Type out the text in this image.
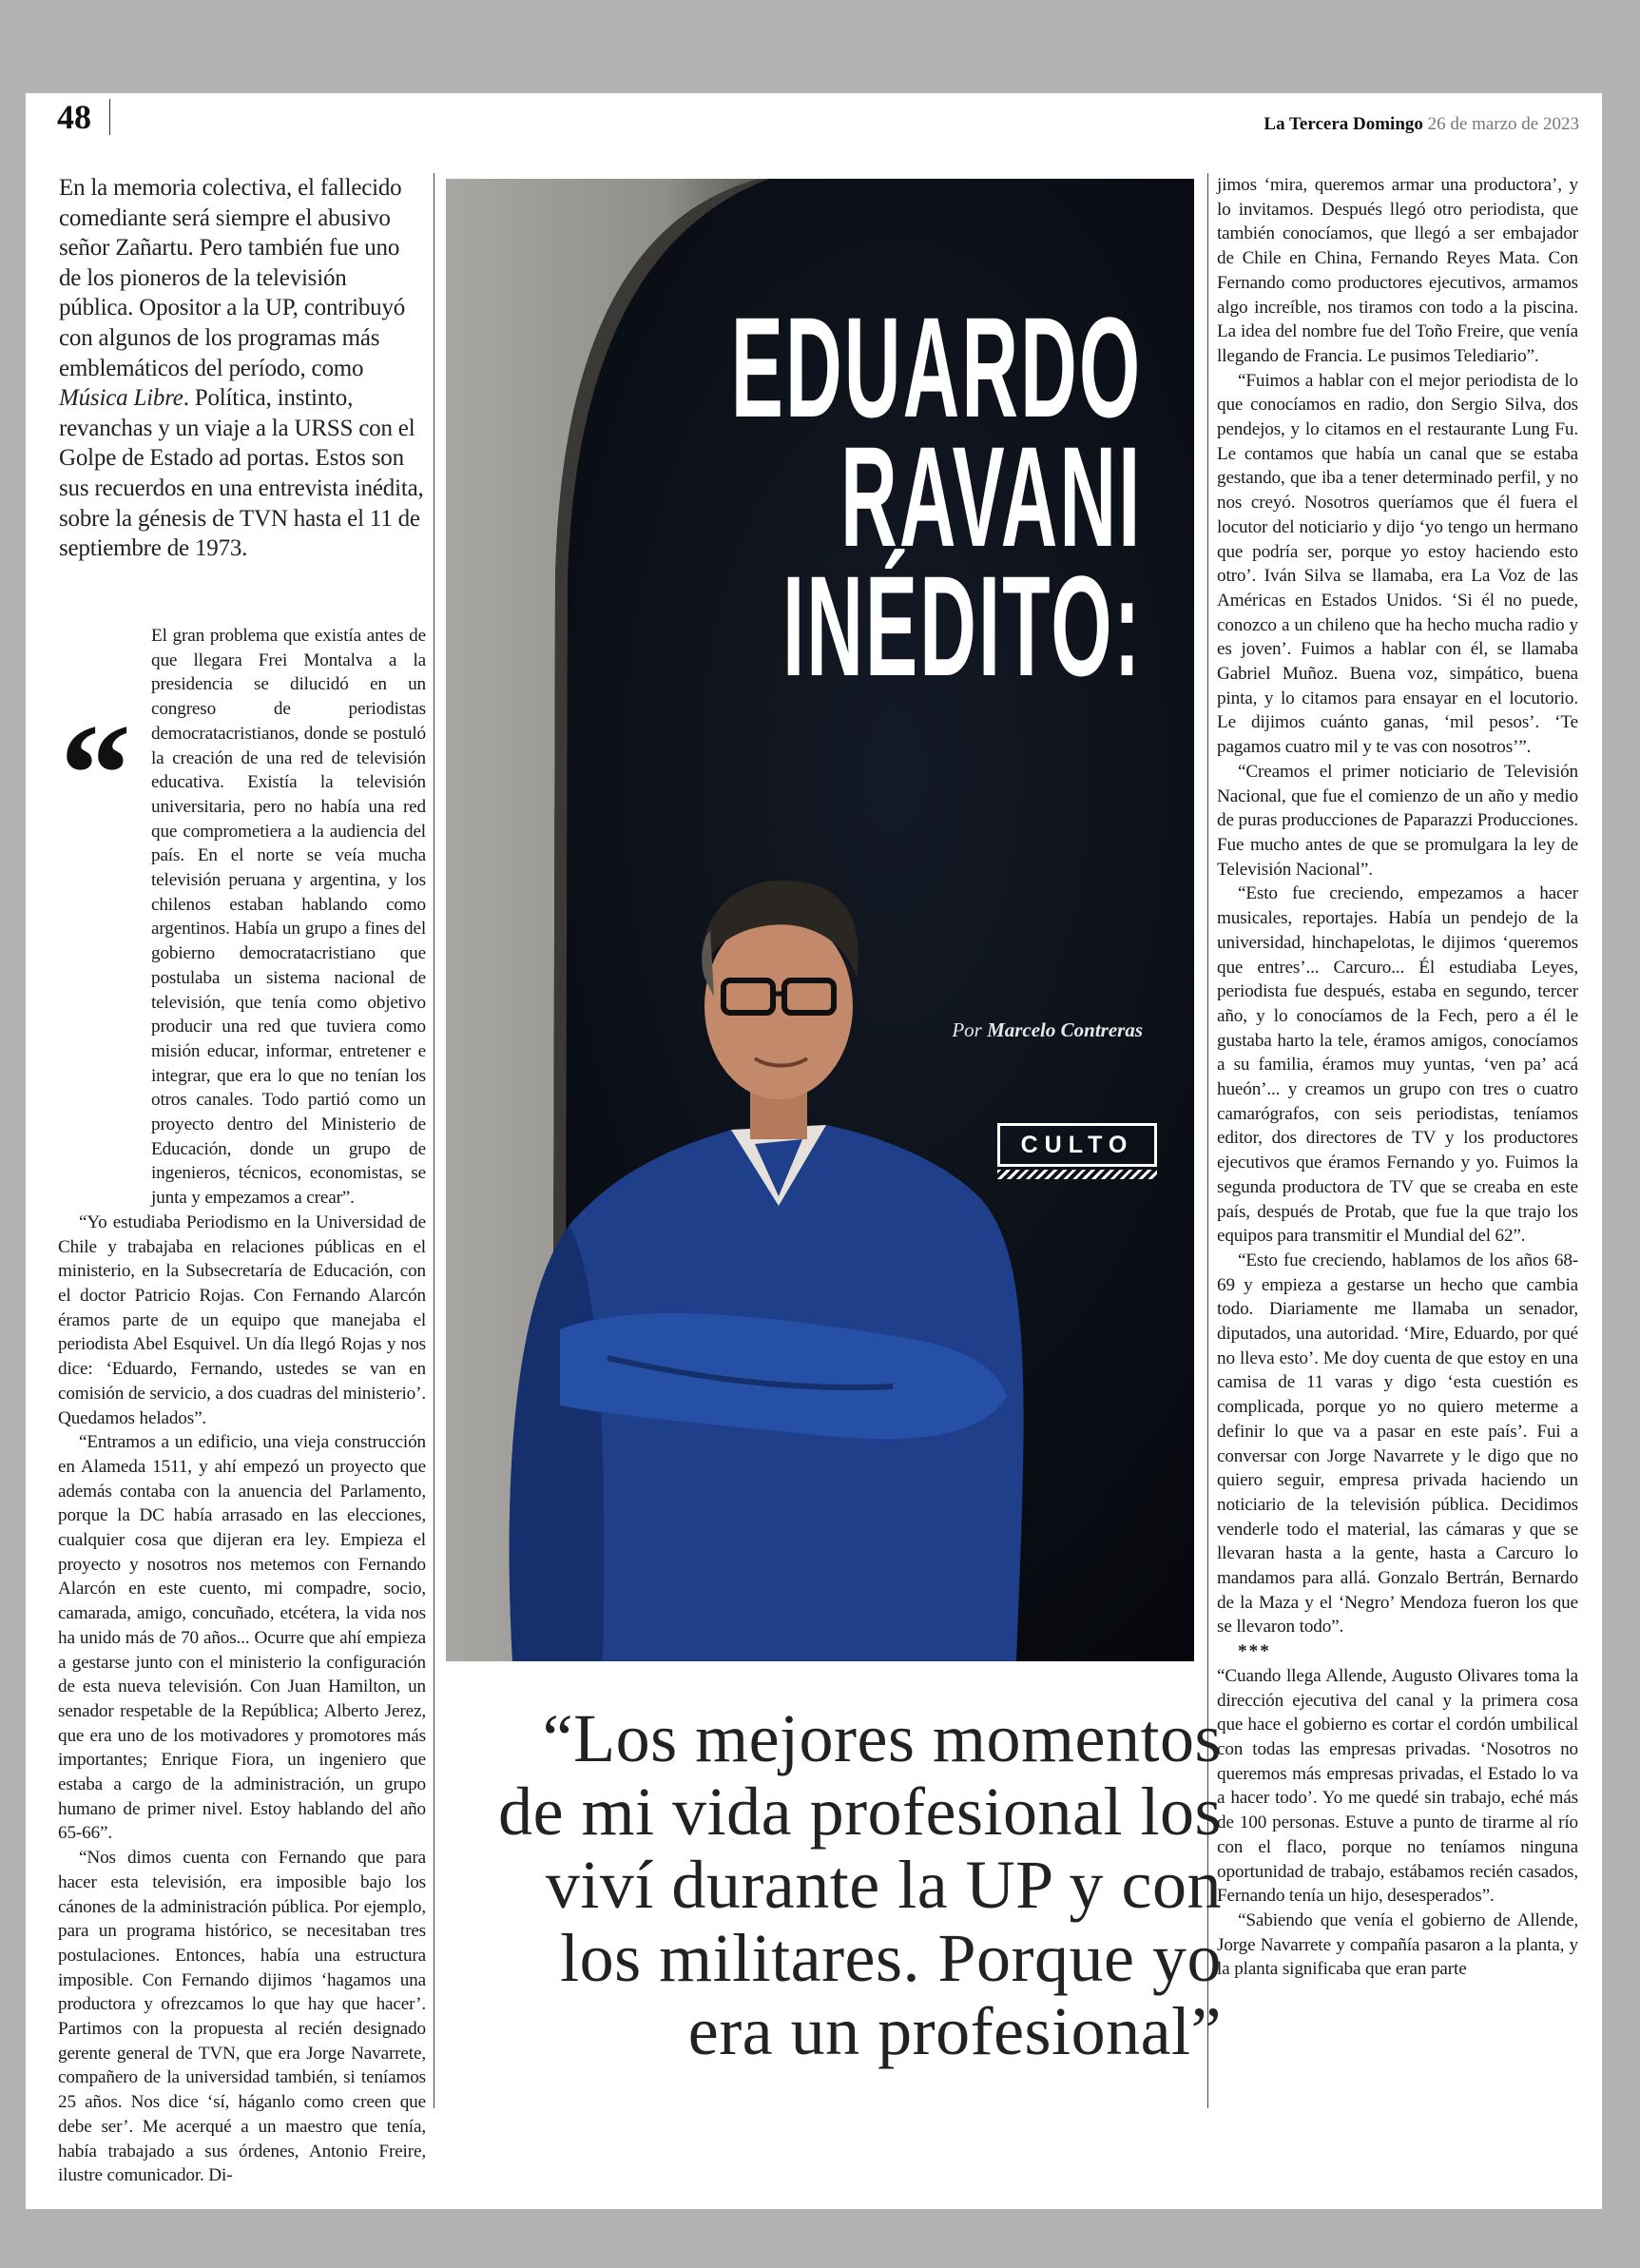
48	La Tercera Domingo 26 de marzo de 2023
En la memoria colectiva, el fallecido comediante será siempre el abusivo señor Zañartu. Pero también fue uno de los pioneros de la televisión pública. Opositor a la UP, contribuyó con algunos de los programas más emblemáticos del período, como Música Libre. Política, instinto, revanchas y un viaje a la URSS con el Golpe de Estado ad portas. Estos son sus recuerdos en una entrevista inédita, sobre la génesis de TVN hasta el 11 de septiembre de 1973.
“

El gran problema que existía antes de que llegara Frei Montalva a la presidencia se dilucidó en un congreso de periodistas democratacristianos, donde se postuló la creación de una red de televisión educativa. Existía la televisión universitaria, pero no había una red que comprometiera a la audiencia del país. En el norte se veía mucha televisión peruana y argentina, y los chilenos estaban hablando como argentinos. Había un grupo a fines del gobierno democratacristiano que postulaba un sistema nacional de televisión, que tenía como objetivo producir una red que tuviera como misión educar, informar, entretener e integrar, que era lo que no tenían los otros canales. Todo partió como un proyecto dentro del Ministerio de Educación, donde un grupo de ingenieros, técnicos, economistas, se junta y empezamos a crear”.

“Yo estudiaba Periodismo en la Universidad de Chile y trabajaba en relaciones públicas en el ministerio, en la Subsecretaría de Educación, con el doctor Patricio Rojas. Con Fernando Alarcón éramos parte de un equipo que manejaba el periodista Abel Esquivel. Un día llegó Rojas y nos dice: ‘Eduardo, Fernando, ustedes se van en comisión de servicio, a dos cuadras del ministerio’. Quedamos helados”.

“Entramos a un edificio, una vieja construcción en Alameda 1511, y ahí empezó un proyecto que además contaba con la anuencia del Parlamento, porque la DC había arrasado en las elecciones, cualquier cosa que dijeran era ley. Empieza el proyecto y nosotros nos metemos con Fernando Alarcón en este cuento, mi compadre, socio, camarada, amigo, concuñado, etcétera, la vida nos ha unido más de 70 años... Ocurre que ahí empieza a gestarse junto con el ministerio la configuración de esta nueva televisión. Con Juan Hamilton, un senador respetable de la República; Alberto Jerez, que era uno de los motivadores y promotores más importantes; Enrique Fiora, un ingeniero que estaba a cargo de la administración, un grupo humano de primer nivel. Estoy hablando del año 65-66”.

“Nos dimos cuenta con Fernando que para hacer esta televisión, era imposible bajo los cánones de la administración pública. Por ejemplo, para un programa histórico, se necesitaban tres postulaciones. Entonces, había una estructura imposible. Con Fernando dijimos ‘hagamos una productora y ofrezcamos lo que hay que hacer’. Partimos con la propuesta al recién designado gerente general de TVN, que era Jorge Navarrete, compañero de la universidad también, si teníamos 25 años. Nos dice ‘sí, háganlo como creen que debe ser’. Me acerqué a un maestro que tenía, había trabajado a sus órdenes, Antonio Freire, ilustre comunicador. Di-

EDUARDO
RAVANI
INÉDITO:
Por Marcelo Contreras
CULTO
“Los mejores momentos de mi vida profesional los viví durante la UP y con los militares. Porque yo era un profesional”

jimos ‘mira, queremos armar una productora’, y lo invitamos. Después llegó otro periodista, que también conocíamos, que llegó a ser embajador de Chile en China, Fernando Reyes Mata. Con Fernando como productores ejecutivos, armamos algo increíble, nos tiramos con todo a la piscina. La idea del nombre fue del Toño Freire, que venía llegando de Francia. Le pusimos Telediario”.

“Fuimos a hablar con el mejor periodista de lo que conocíamos en radio, don Sergio Silva, dos pendejos, y lo citamos en el restaurante Lung Fu. Le contamos que había un canal que se estaba gestando, que iba a tener determinado perfil, y no nos creyó. Nosotros queríamos que él fuera el locutor del noticiario y dijo ‘yo tengo un hermano que podría ser, porque yo estoy haciendo esto otro’. Iván Silva se llamaba, era La Voz de las Américas en Estados Unidos. ‘Si él no puede, conozco a un chileno que ha hecho mucha radio y es joven’. Fuimos a hablar con él, se llamaba Gabriel Muñoz. Buena voz, simpático, buena pinta, y lo citamos para ensayar en el locutorio. Le dijimos cuánto ganas, ‘mil pesos’. ‘Te pagamos cuatro mil y te vas con nosotros’”.

“Creamos el primer noticiario de Televisión Nacional, que fue el comienzo de un año y medio de puras producciones de Paparazzi Producciones. Fue mucho antes de que se promulgara la ley de Televisión Nacional”.

“Esto fue creciendo, empezamos a hacer musicales, reportajes. Había un pendejo de la universidad, hinchapelotas, le dijimos ‘queremos que entres’... Carcuro... Él estudiaba Leyes, periodista fue después, estaba en segundo, tercer año, y lo conocíamos de la Fech, pero a él le gustaba harto la tele, éramos amigos, conocíamos a su familia, éramos muy yuntas, ‘ven pa’ acá hueón’... y creamos un grupo con tres o cuatro camarógrafos, con seis periodistas, teníamos editor, dos directores de TV y los productores ejecutivos que éramos Fernando y yo. Fuimos la segunda productora de TV que se creaba en este país, después de Protab, que fue la que trajo los equipos para transmitir el Mundial del 62”.

“Esto fue creciendo, hablamos de los años 68-69 y empieza a gestarse un hecho que cambia todo. Diariamente me llamaba un senador, diputados, una autoridad. ‘Mire, Eduardo, por qué no lleva esto’. Me doy cuenta de que estoy en una camisa de 11 varas y digo ‘esta cuestión es complicada, porque yo no quiero meterme a definir lo que va a pasar en este país’. Fui a conversar con Jorge Navarrete y le digo que no quiero seguir, empresa privada haciendo un noticiario de la televisión pública. Decidimos venderle todo el material, las cámaras y que se llevaran hasta a la gente, hasta a Carcuro lo mandamos para allá. Gonzalo Bertrán, Bernardo de la Maza y el ‘Negro’ Mendoza fueron los que se llevaron todo”.

***

“Cuando llega Allende, Augusto Olivares toma la dirección ejecutiva del canal y la primera cosa que hace el gobierno es cortar el cordón umbilical con todas las empresas privadas. ‘Nosotros no queremos más empresas privadas, el Estado lo va a hacer todo’. Yo me quedé sin trabajo, eché más de 100 personas. Estuve a punto de tirarme al río con el flaco, porque no teníamos ninguna oportunidad de trabajo, estábamos recién casados, Fernando tenía un hijo, desesperados”.

“Sabiendo que venía el gobierno de Allende, Jorge Navarrete y compañía pasaron a la planta, y la planta significaba que eran parte
